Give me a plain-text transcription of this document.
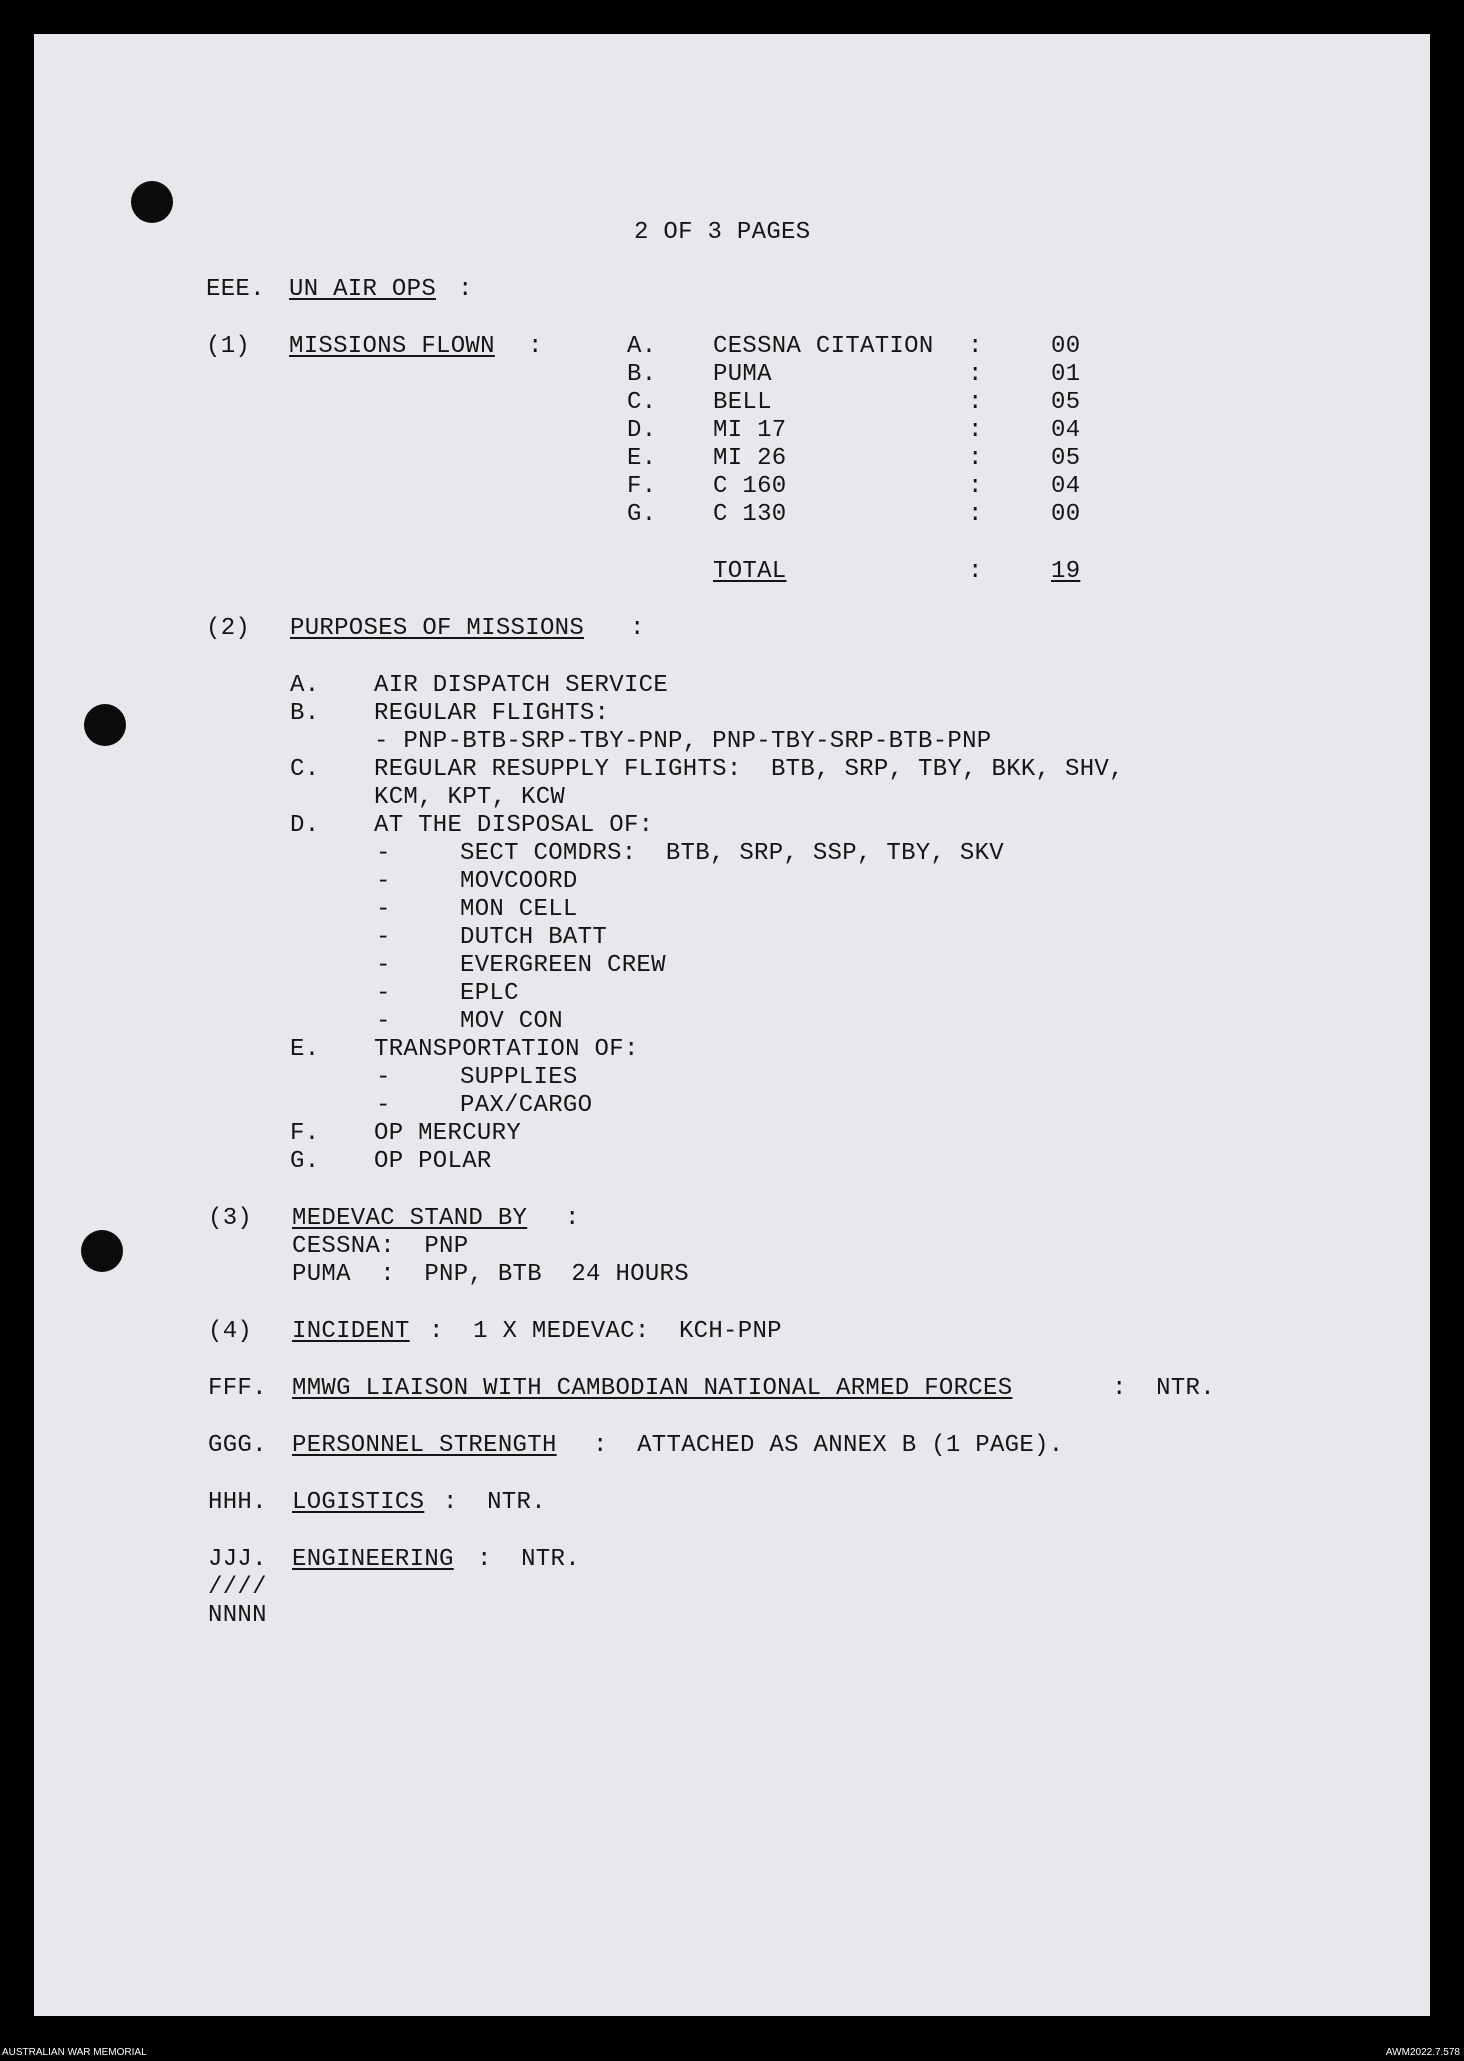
2 OF 3 PAGES
EEE. UN AIR OPS :
(1) MISSIONS FLOWN :	A. CESSNA CITATION :	00
B. PUMA	:	01
C. BELL	:	05
D. MI 17	:	04
E. MI 26	:	05
F. C 160	:	04
G. C 130	:	00
TOTAL	:	19
(2) PURPOSES OF MISSIONS :
A. AIR DISPATCH SERVICE
B. REGULAR FLIGHTS:
- PNP-BTB-SRP-TBY-PNP, PNP-TBY-SRP-BTB-PNP
C. REGULAR RESUPPLY FLIGHTS:  BTB, SRP, TBY, BKK, SHV,
KCM, KPT, KCW
D. AT THE DISPOSAL OF:
-	SECT COMDRS:  BTB, SRP, SSP, TBY, SKV
-	MOVCOORD
-	MON CELL
-	DUTCH BATT
-	EVERGREEN CREW
-	EPLC
-	MOV CON
E. TRANSPORTATION OF:
-	SUPPLIES
-	PAX/CARGO
F. OP MERCURY
G. OP POLAR
(3) MEDEVAC STAND BY :
CESSNA:  PNP
PUMA  :  PNP, BTB  24 HOURS
(4) INCIDENT :  1 X MEDEVAC:  KCH-PNP
FFF. MMWG LIAISON WITH CAMBODIAN NATIONAL ARMED FORCES	:  NTR.
GGG. PERSONNEL STRENGTH :  ATTACHED AS ANNEX B (1 PAGE).
HHH. LOGISTICS :  NTR.
JJJ. ENGINEERING :  NTR.
////
NNNN
AUSTRALIAN WAR MEMORIAL	AWM2022.7.578
